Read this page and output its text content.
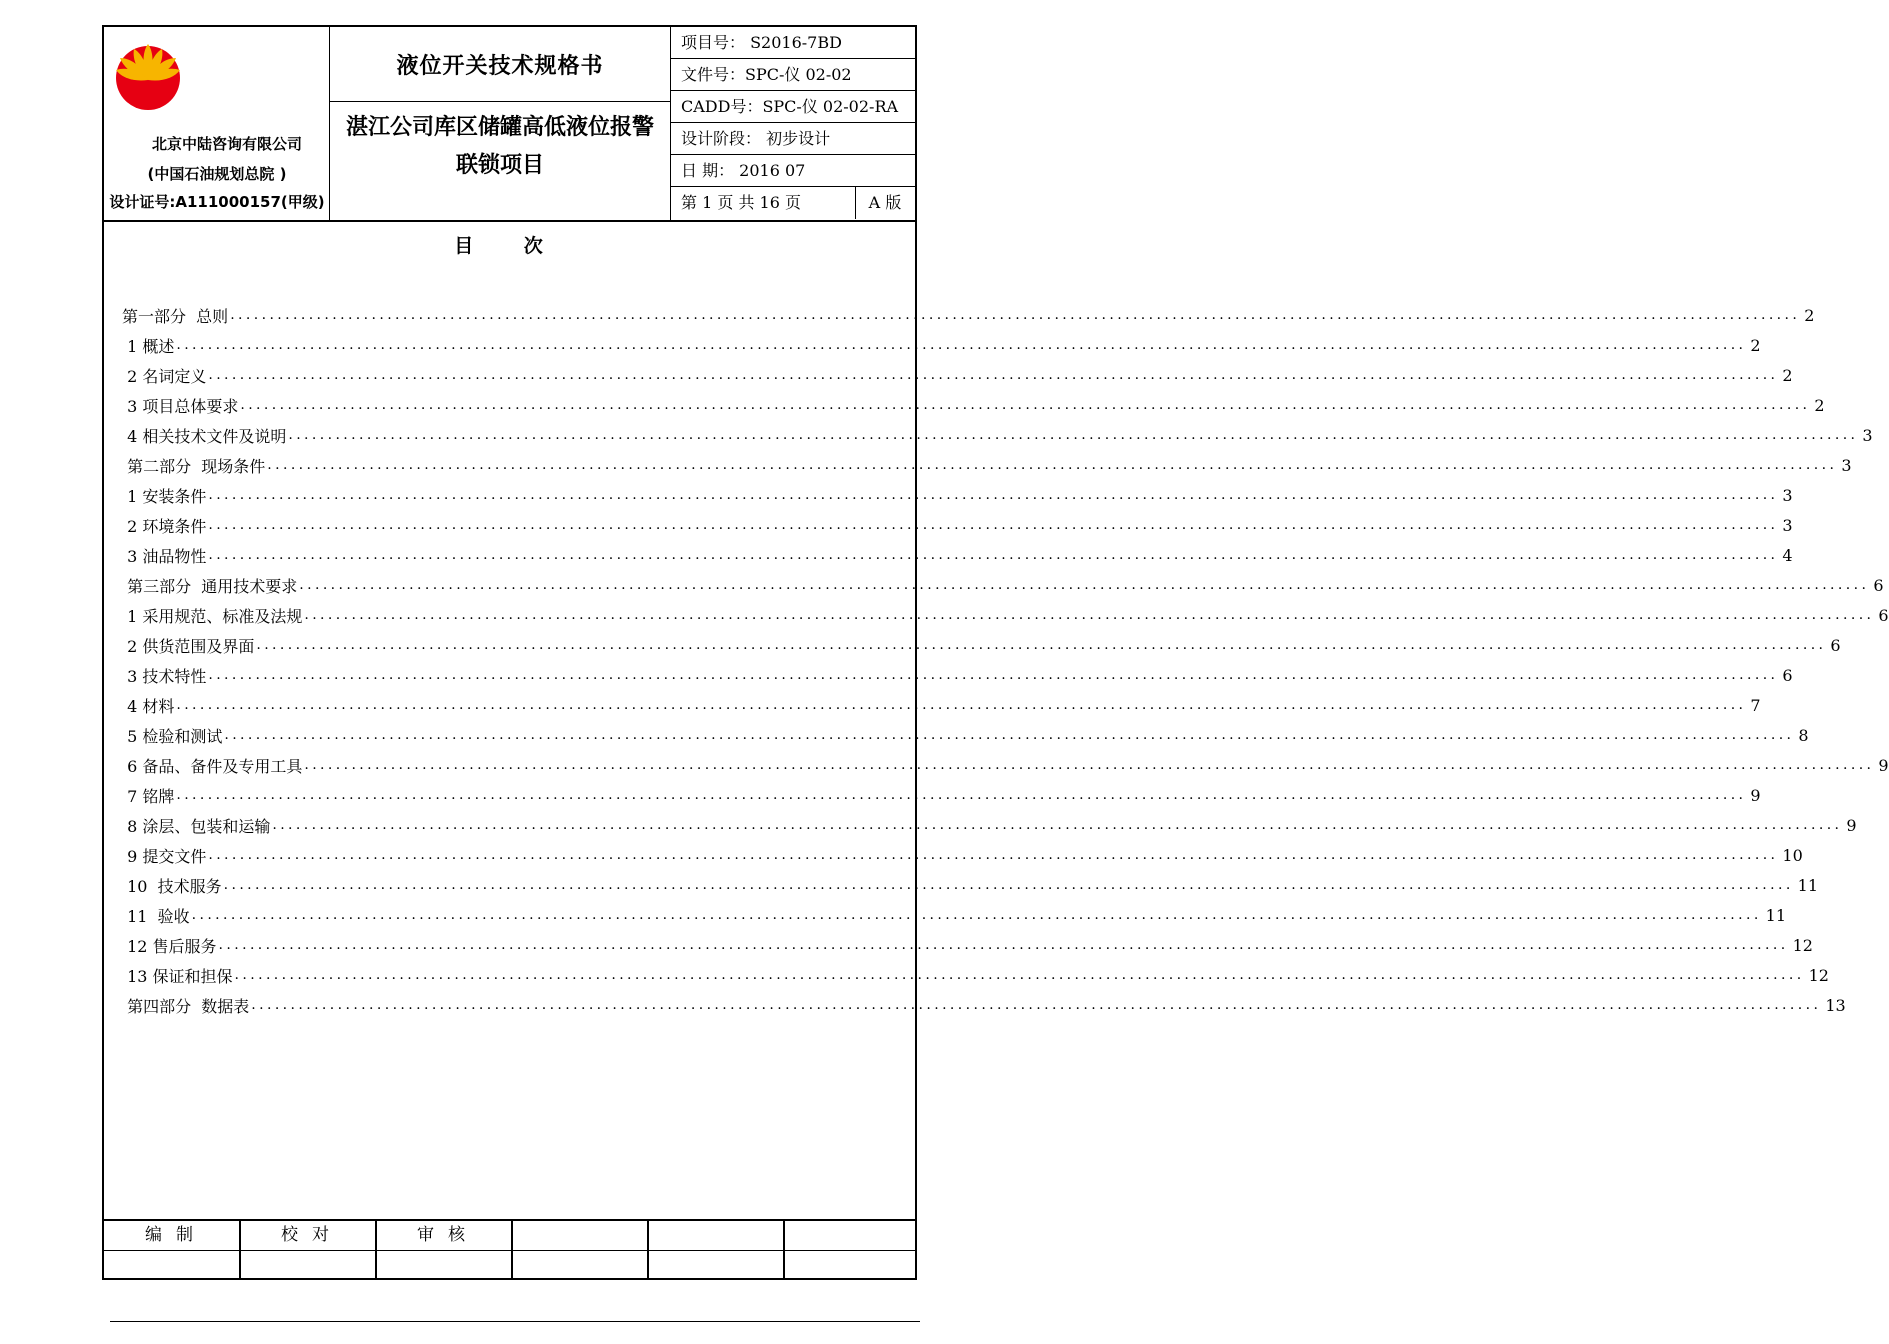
北京中陆咨询有限公司
(中国石油规划总院 )
设计证号:A111000157(甲级)
液位开关技术规格书
湛江公司库区储罐高低液位报警联锁项目
项目号： S2016-7BD
文件号：SPC-仪 02-02
CADD号：SPC-仪 02-02-RA
设计阶段： 初步设计
日 期： 2016 07
第 1 页 共 16 页	A 版
目 次
第一部分  总则 ........................................................................................................................................................................................................ 2
1 概述 ........................................................................................................................................................................................................ 2
2 名词定义 ........................................................................................................................................................................................................ 2
3 项目总体要求 ........................................................................................................................................................................................................ 2
4 相关技术文件及说明 ........................................................................................................................................................................................................ 3
第二部分  现场条件 ........................................................................................................................................................................................................ 3
1 安装条件 ........................................................................................................................................................................................................ 3
2 环境条件 ........................................................................................................................................................................................................ 3
3 油品物性 ........................................................................................................................................................................................................ 4
第三部分  通用技术要求 ........................................................................................................................................................................................................ 6
1 采用规范、标准及法规 ........................................................................................................................................................................................................ 6
2 供货范围及界面 ........................................................................................................................................................................................................ 6
3 技术特性 ........................................................................................................................................................................................................ 6
4 材料 ........................................................................................................................................................................................................ 7
5 检验和测试 ........................................................................................................................................................................................................ 8
6 备品、备件及专用工具 ........................................................................................................................................................................................................ 9
7 铭牌 ........................................................................................................................................................................................................ 9
8 涂层、包装和运输 ........................................................................................................................................................................................................ 9
9 提交文件 ........................................................................................................................................................................................................ 10
10  技术服务 ........................................................................................................................................................................................................ 11
11  验收 ........................................................................................................................................................................................................ 11
12 售后服务 ........................................................................................................................................................................................................ 12
13 保证和担保 ........................................................................................................................................................................................................ 12
第四部分  数据表 ........................................................................................................................................................................................................ 13
编制	校对	审核
